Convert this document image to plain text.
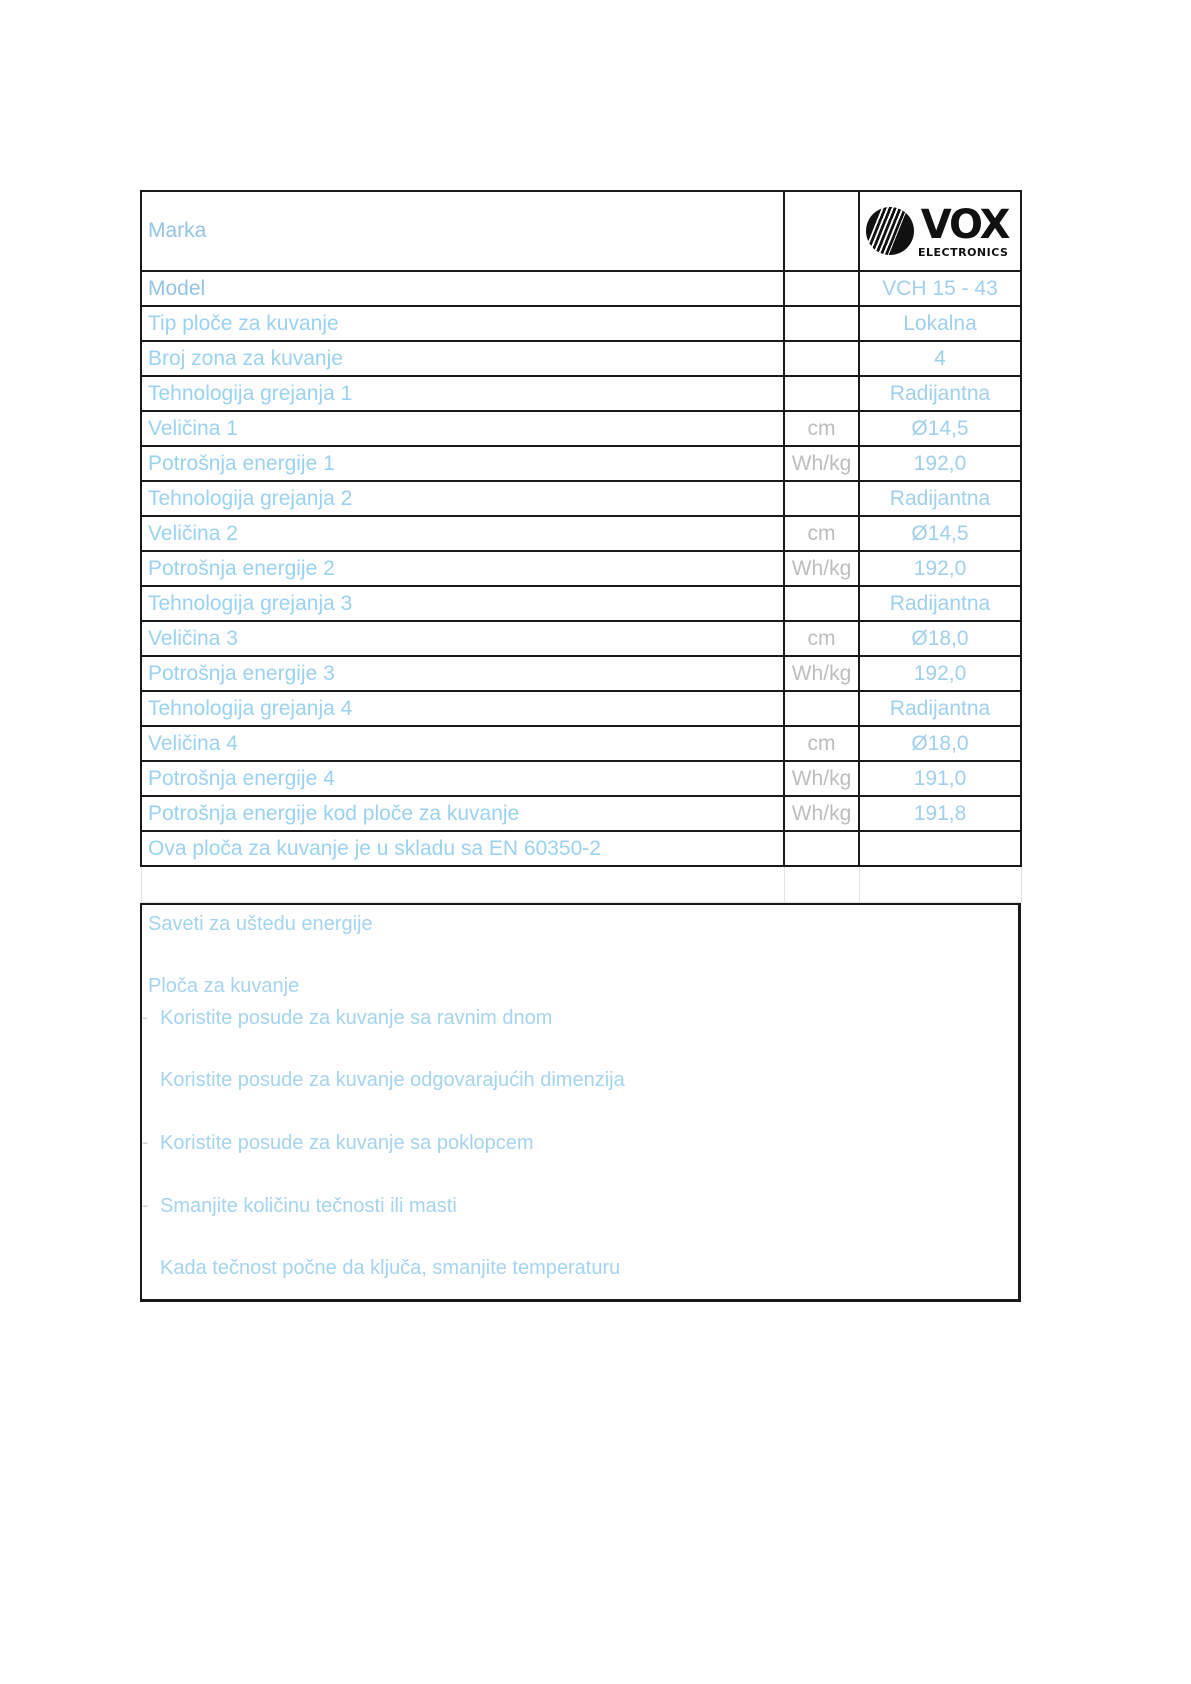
Marka		VOX
ELECTRONICS

Model		VCH 15 - 43
Tip ploče za kuvanje		Lokalna
Broj zona za kuvanje		4
Tehnologija grejanja 1		Radijantna
Veličina 1	cm	Ø14,5
Potrošnja energije 1	Wh/kg	192,0
Tehnologija grejanja 2		Radijantna
Veličina 2	cm	Ø14,5
Potrošnja energije 2	Wh/kg	192,0
Tehnologija grejanja 3		Radijantna
Veličina 3	cm	Ø18,0
Potrošnja energije 3	Wh/kg	192,0
Tehnologija grejanja 4		Radijantna
Veličina 4	cm	Ø18,0
Potrošnja energije 4	Wh/kg	191,0
Potrošnja energije kod ploče za kuvanje	Wh/kg	191,8
Ova ploča za kuvanje je u skladu sa EN 60350-2		

Saveti za uštedu energije
Ploča za kuvanje
- Koristite posude za kuvanje sa ravnim dnom
Koristite posude za kuvanje odgovarajućih dimenzija
- Koristite posude za kuvanje sa poklopcem
- Smanjite količinu tečnosti ili masti
Kada tečnost počne da ključa, smanjite temperaturu
